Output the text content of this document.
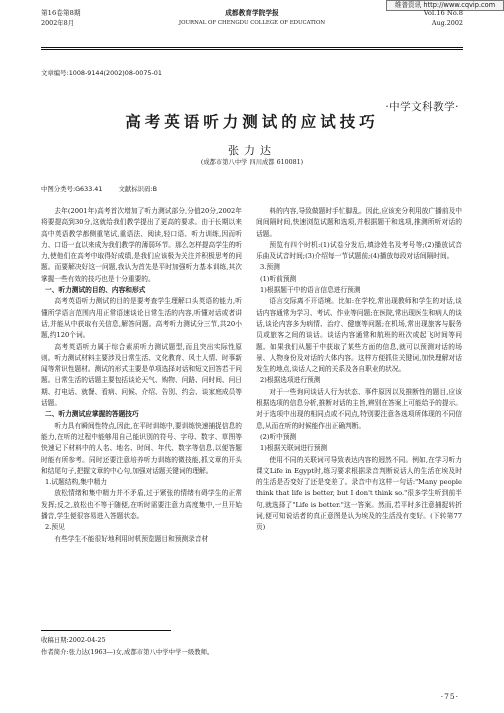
维普资讯 http://www.cqvip.com
第16卷第8期
2002年8月
成都教育学院学报
JOURNAL OF CHENGDU COLLEGE OF EDUCATION
Vol.16 No.8
Aug.2002
文章编号:1008-9144(2002)08-0075-01
·中学文科教学·
高考英语听力测试的应试技巧
张力达
(成都市第八中学 四川成都 610081)
中图分类号:G633.41	文献标识码:B

去年(2001年)高考首次增加了听力测试部分,分值20分,2002年将要提高到30分,这就给我们教学提出了更高的要求。由于长期以来高中英语教学都侧重笔试,重语法、阅读,轻口语、听力训练,因而听力、口语一直以来成为我们教学的薄弱环节。那么怎样提高学生的听力,使他们在高考中取得好成绩,是我们应该极为关注并积极思考的问题。而要解决好这一问题,我认为首先是平时加强听力基本训练,其次掌握一些有效的技巧也是十分重要的。

一、听力测试的目的、内容和形式

高考英语听力测试的目的是要考查学生理解口头英语的能力,听懂所学语言范围内用正常语速谈论日常生活的内容,听懂对话或者讲话,并能从中获取有关信息,解答问题。高考听力测试分三节,共20小题,约120个词。

高考英语听力属于综合素质听力测试题型,而且突出实际性原则。听力测试材料主要涉及日常生活、文化教育、风土人情、时事新闻等常识性题材。测试的形式主要是单项选择对话和短文回答若干问题。日常生活的话题主要包括谈论天气、购物、问路、问时间、问日期、打电话、就餐、看病、问候、介绍、告别、约会、谈家庭成员等话题。

二、听力测试应掌握的答题技巧

听力具有瞬间性特点,因此,在平时训练中,要训练快速捕捉信息的能力,在听的过程中能够用自己能识别的符号、字母、数字、草图等快速记下材料中的人名、地名、时间、年代、数字等信息,以便答题时能有所参考。同时还要注意培养听力训练的微技能,抓文章的开头和结尾句子,把握文章的中心句,加强对话题关键词的理解。

1.试题结构,集中精力

放松情绪和集中精力并不矛盾,过于紧张的情绪有碍学生的正常发挥;反之,放松也不等于随便,在听时需要注意力高度集中,一旦开始播音,学生便很容易进入答题状态。

2.预见

有些学生不能很好地利用时机预览题目和预测录音材

料的内容,导致做题时手忙脚乱。因此,应该充分利用放广播前及中间间隔时间,快速浏览试题和选项,并根据题干和选项,推测所听对话的话题。

预览有四个时机:(1)试卷分发后,填涂姓名及考号等;(2)播放试音乐曲及试音时间;(3)介绍每一节试题前;(4)播放每段对话间隔时间。

3.预测
(1)听前预测
1)根据题干中的语言信息进行预测

语言交际离不开语境。比如:在学校,常出现教师和学生的对话,谈话内容通常为学习、考试、作业等问题;在医院,常出现医生和病人的谈话,谈论内容多为病情、治疗、健康等问题;在机场,常出现旅客与服务员或旅客之间的谈话。谈话内容通常和航班的班次或起飞时间等问题。如果我们从题干中获取了某些方面的信息,就可以预测对话的场景、人物身份及对话的大体内容。这样方便抓住关键词,加快理解对话发生的地点,谈话人之间的关系及各自职业的状况。

2)根据选项进行预测

对于一些询问谈话人行为状态、事件原因以及推断性的题目,应该根据选项的信息分析,推断对话的主旨,辨别在答案上可能给予的提示。对于选项中出现的相同点或不同点,特别要注意各选项所体现的不同信息,从而在听的时候能作出正确判断。

(2)听中预测
1)根据关联词进行预测

使用不同的关联词可导致表达内容的迥然不同。例如,在学习听力课文Life in Egypt时,练习要求根据录音判断说话人的生活在埃及时的生活是否变好了还是变差了。录音中有这样一句话:"Many people think that life is better, but I don't think so."很多学生听到前半句,就选择了"Life is better."这一答案。然而,若平时多注意捕捉转折词,便可知说话者的真正意图是认为埃及的生活没有变好。(下转第77页)

收稿日期:2002-04-25
作者简介:张力达(1963—)女,成都市第八中学中学一级教师。
·75·
